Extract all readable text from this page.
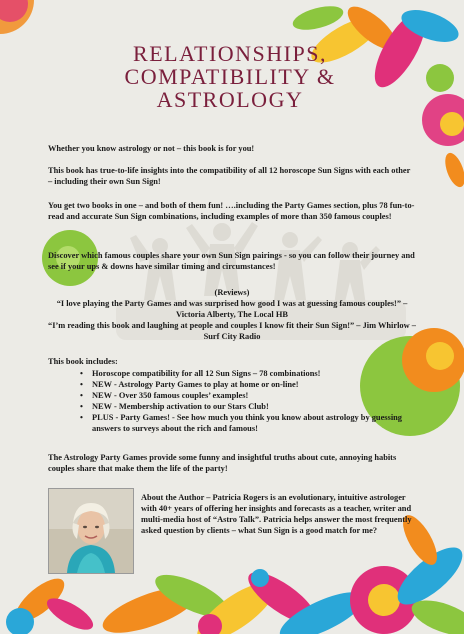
RELATIONSHIPS,
COMPATIBILITY &
ASTROLOGY

Whether you know astrology or not – this book is for you!

This book has true-to-life insights into the compatibility of all 12 horoscope Sun Signs with each other – including their own Sun Sign!

You get two books in one – and both of them fun! ….including the Party Games section, plus 78 fun-to-read and accurate Sun Sign combinations, including examples of more than 350 famous couples!

Discover which famous couples share your own Sun Sign pairings - so you can follow their journey and see if your ups & downs have similar timing and circumstances!

(Reviews)
“I love playing the Party Games and was surprised how good I was at guessing famous couples!” – Victoria Alberty, The Local HB
“I’m reading this book and laughing at people and couples I know fit their Sun Sign!” – Jim Whirlow – Surf City Radio
This book includes:
• Horoscope compatibility for all 12 Sun Signs – 78 combinations!
• NEW - Astrology Party Games to play at home or on-line!
• NEW - Over 350 famous couples’ examples!
• NEW - Membership activation to our Stars Club!
• PLUS - Party Games! - See how much you think you know about astrology by guessing answers to surveys about the rich and famous!

The Astrology Party Games provide some funny and insightful truths about cute, annoying habits couples share that make them the life of the party!

About the Author – Patricia Rogers is an evolutionary, intuitive astrologer with 40+ years of offering her insights and forecasts as a teacher, writer and multi-media host of “Astro Talk”. Patricia helps answer the most frequently asked question by clients – what Sun Sign is a good match for me?
